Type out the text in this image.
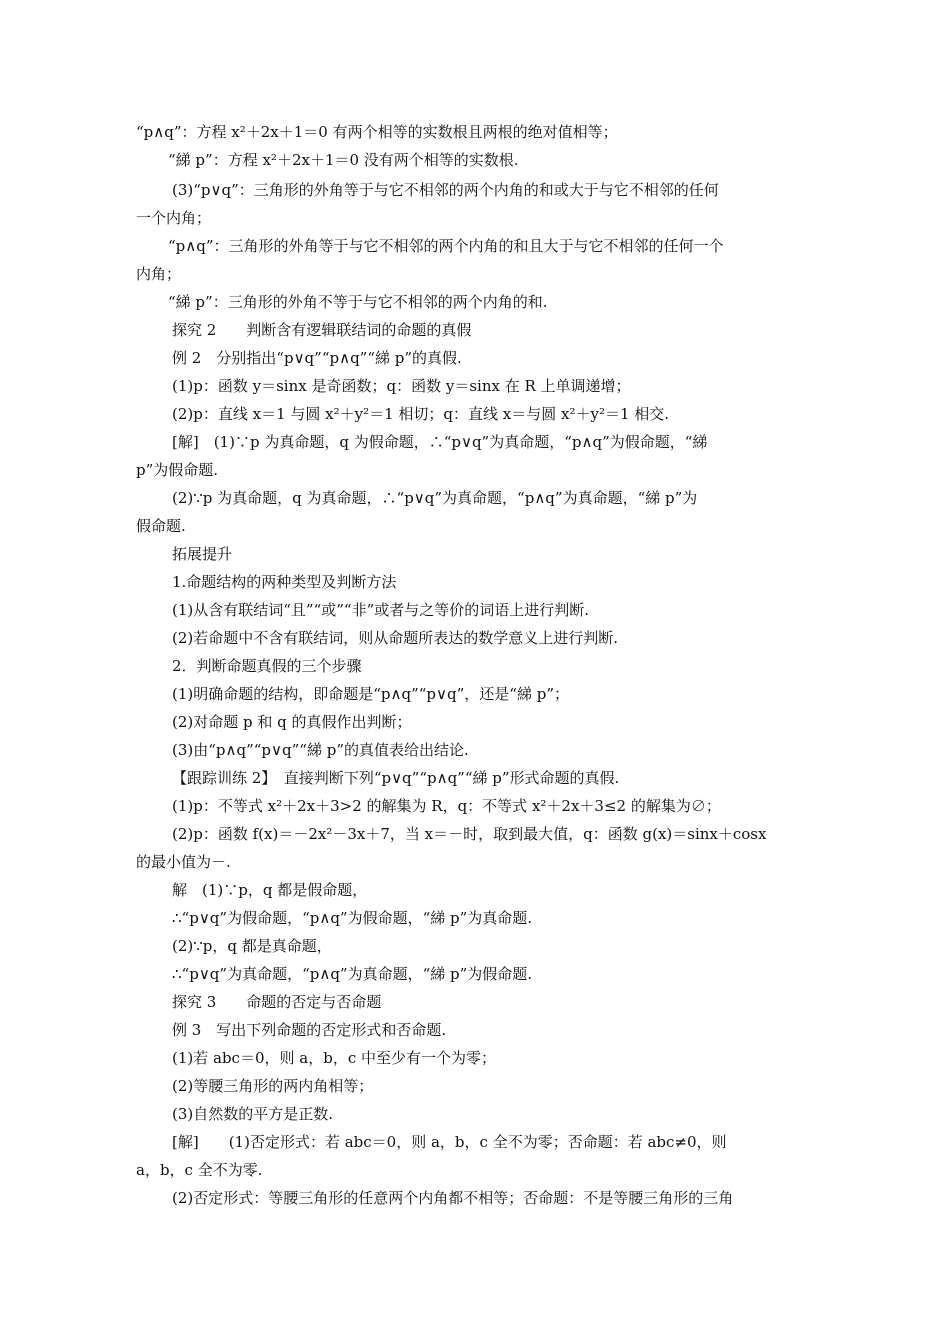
“p∧q”：方程 x²＋2x＋1＝0 有两个相等的实数根且两根的绝对值相等；
“綈 p”：方程 x²＋2x＋1＝0 没有两个相等的实数根.
(3)“p∨q”：三角形的外角等于与它不相邻的两个内角的和或大于与它不相邻的任何
一个内角；
“p∧q”：三角形的外角等于与它不相邻的两个内角的和且大于与它不相邻的任何一个
内角；
“綈 p”：三角形的外角不等于与它不相邻的两个内角的和.
探究 2　　判断含有逻辑联结词的命题的真假
例 2　分别指出“p∨q”“p∧q”“綈 p”的真假.
(1)p：函数 y＝sinx 是奇函数；q：函数 y＝sinx 在 R 上单调递增；
(2)p：直线 x＝1 与圆 x²＋y²＝1 相切；q：直线 x＝与圆 x²＋y²＝1 相交.
[解]　(1)∵p 为真命题，q 为假命题，∴“p∨q”为真命题，“p∧q”为假命题，“綈
p”为假命题.
(2)∵p 为真命题，q 为真命题，∴“p∨q”为真命题，“p∧q”为真命题，“綈 p”为
假命题.
拓展提升
1.命题结构的两种类型及判断方法
(1)从含有联结词“且”“或”“非”或者与之等价的词语上进行判断.
(2)若命题中不含有联结词，则从命题所表达的数学意义上进行判断.
2．判断命题真假的三个步骤
(1)明确命题的结构，即命题是“p∧q”“p∨q”，还是“綈 p”；
(2)对命题 p 和 q 的真假作出判断；
(3)由“p∧q”“p∨q”“綈 p”的真值表给出结论.
【跟踪训练 2】　直接判断下列“p∨q”“p∧q”“綈 p”形式命题的真假.
(1)p：不等式 x²＋2x＋3>2 的解集为 R，q：不等式 x²＋2x＋3≤2 的解集为∅；
(2)p：函数 f(x)＝－2x²－3x＋7，当 x＝－时，取到最大值，q：函数 g(x)＝sinx＋cosx
的最小值为－.
解　(1)∵p，q 都是假命题，
∴“p∨q”为假命题，“p∧q”为假命题，“綈 p”为真命题.
(2)∵p，q 都是真命题，
∴“p∨q”为真命题，“p∧q”为真命题，“綈 p”为假命题.
探究 3　　命题的否定与否命题
例 3　写出下列命题的否定形式和否命题.
(1)若 abc＝0，则 a，b，c 中至少有一个为零；
(2)等腰三角形的两内角相等；
(3)自然数的平方是正数.
[解]　　(1)否定形式：若 abc＝0，则 a，b，c 全不为零；否命题：若 abc≠0，则
a，b，c 全不为零.
(2)否定形式：等腰三角形的任意两个内角都不相等；否命题：不是等腰三角形的三角
